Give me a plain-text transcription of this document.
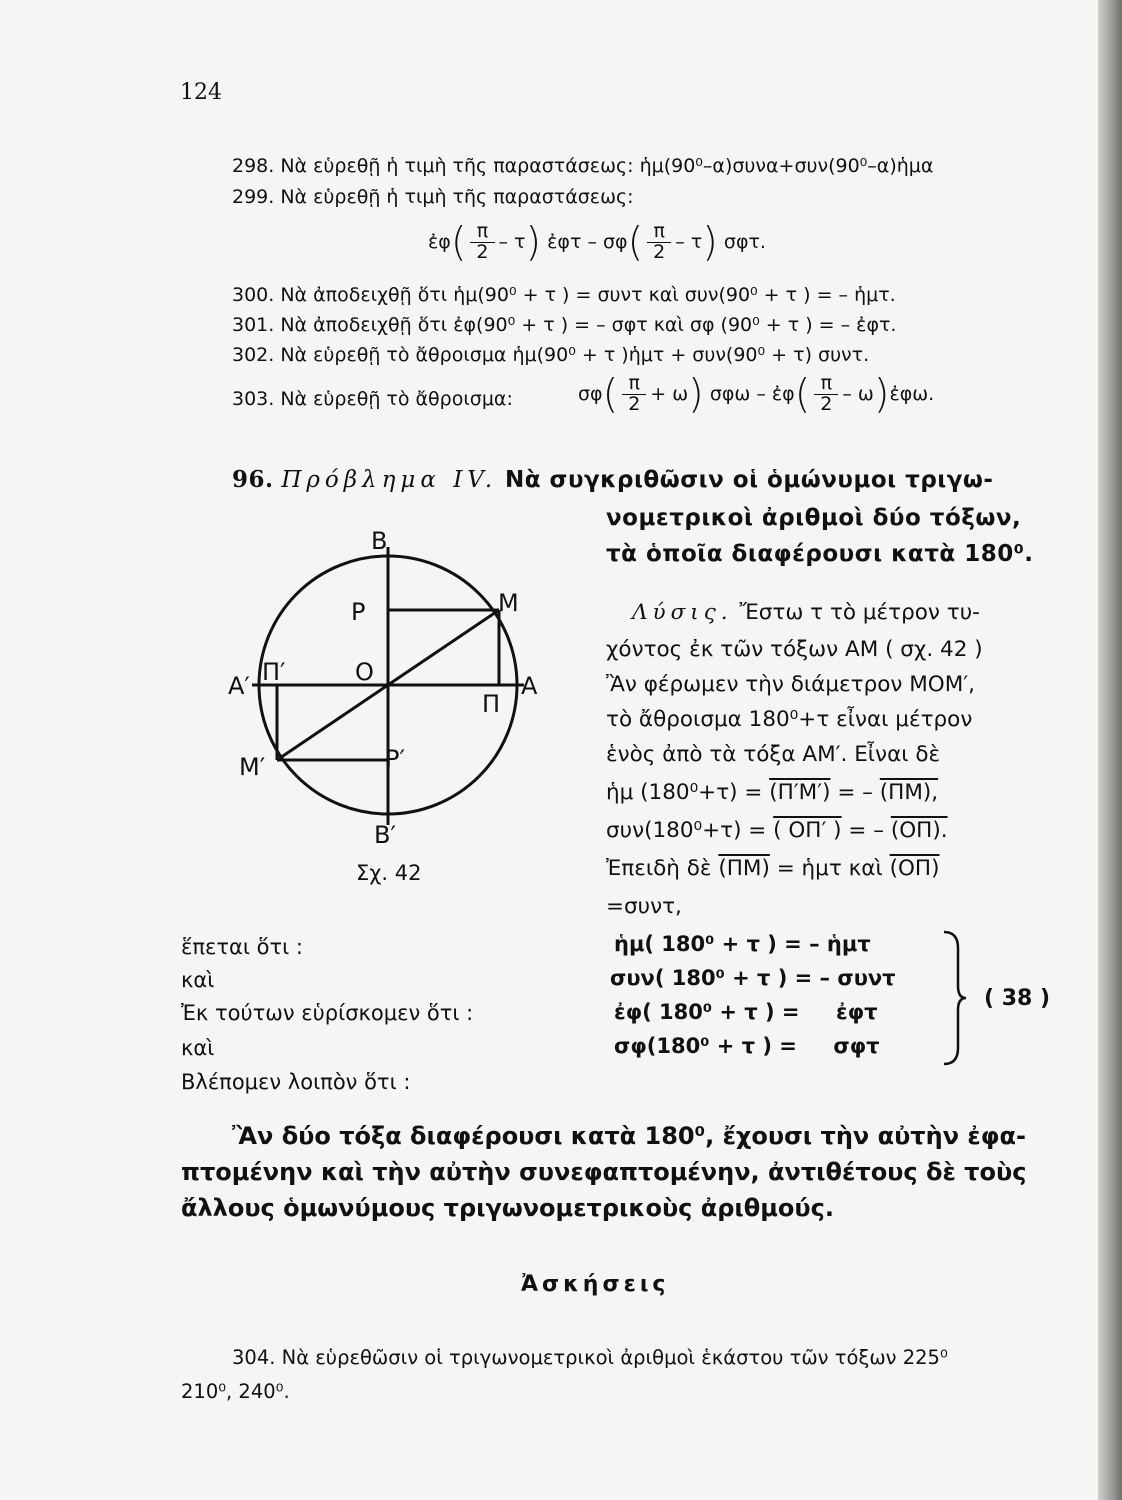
124
298. Νὰ εὑρεθῇ ἡ τιμὴ τῆς παραστάσεως: ἡμ(90⁰–α)συνα+συν(90⁰–α)ἡμα
299. Νὰ εὑρεθῇ ἡ τιμὴ τῆς παραστάσεως:
ἐφ( $\frac{\pi}{2} - \tau$) ἐφτ – $\sigma\varphi( \frac{\pi}{2} - \tau)$ σφτ.
300. Νὰ ἀποδειχθῇ ὅτι ἡμ(90⁰ + τ ) = συντ καὶ συν(90⁰ + τ ) = – ἡμτ.
301. Νὰ ἀποδειχθῇ ὅτι ἐφ(90⁰ + τ ) = – σφτ καὶ σφ (90⁰ + τ ) = – ἐφτ.
302. Νὰ εὑρεθῇ τὸ ἄθροισμα ἡμ(90⁰ + τ )ἡμτ + συν(90⁰ + τ) συντ.
303. Νὰ εὑρεθῇ τὸ ἄθροισμα:	$\sigma\varphi( \frac{\pi}{2} + \omega)$ σφω – ἐφ( $\frac{\pi}{2}$ – ω)ἐφω.
96. Πρόβλημα IV. Νὰ συγκριθῶσιν οἱ ὁμώνυμοι τριγω-
νομετρικοὶ ἀριθμοὶ δύο τόξων,
τὰ ὁποῖα διαφέρουσι κατὰ 180⁰.
Β
Β′
Α
Α′	Ο
Μ
Μ′
Ρ
Ρ′
Π
Π′
Σχ. 42
Λύσις. Ἔστω τ τὸ μέτρον τυ-
χόντος ἐκ τῶν τόξων ΑΜ ( σχ. 42 )
Ἂν φέρωμεν τὴν διάμετρον ΜΟΜ′,
τὸ ἄθροισμα 180⁰+τ εἶναι μέτρον
ἑνὸς ἀπὸ τὰ τόξα ΑΜ′. Εἶναι δὲ
ἡμ (180⁰+τ) = (Π′Μ′) = – (ΠΜ),
συν(180⁰+τ) = ( ΟΠ′ ) = – (ΟΠ).
Ἐπειδὴ δὲ (ΠΜ) = ἡμτ καὶ (ΟΠ)
=συντ,
ἕπεται ὅτι :
καὶ
Ἐκ τούτων εὑρίσκομεν ὅτι :
καὶ
Βλέπομεν λοιπὸν ὅτι :
ἡμ( 180⁰ + τ ) = – ἡμτ
συν( 180⁰ + τ ) = – συντ
ἐφ( 180⁰ + τ ) =     ἐφτ
σφ(180⁰ + τ ) =     σφτ
( 38 )
Ἂν δύο τόξα διαφέρουσι κατὰ 180⁰, ἔχουσι τὴν αὐτὴν ἐφα-
πτομένην καὶ τὴν αὐτὴν συνεφαπτομένην, ἀντιθέτους δὲ τοὺς
ἄλλους ὁμωνύμους τριγωνομετρικοὺς ἀριθμούς.
Ἀσκήσεις
304. Νὰ εὑρεθῶσιν οἱ τριγωνομετρικοὶ ἀριθμοὶ ἑκάστου τῶν τόξων 225⁰
210⁰, 240⁰.
